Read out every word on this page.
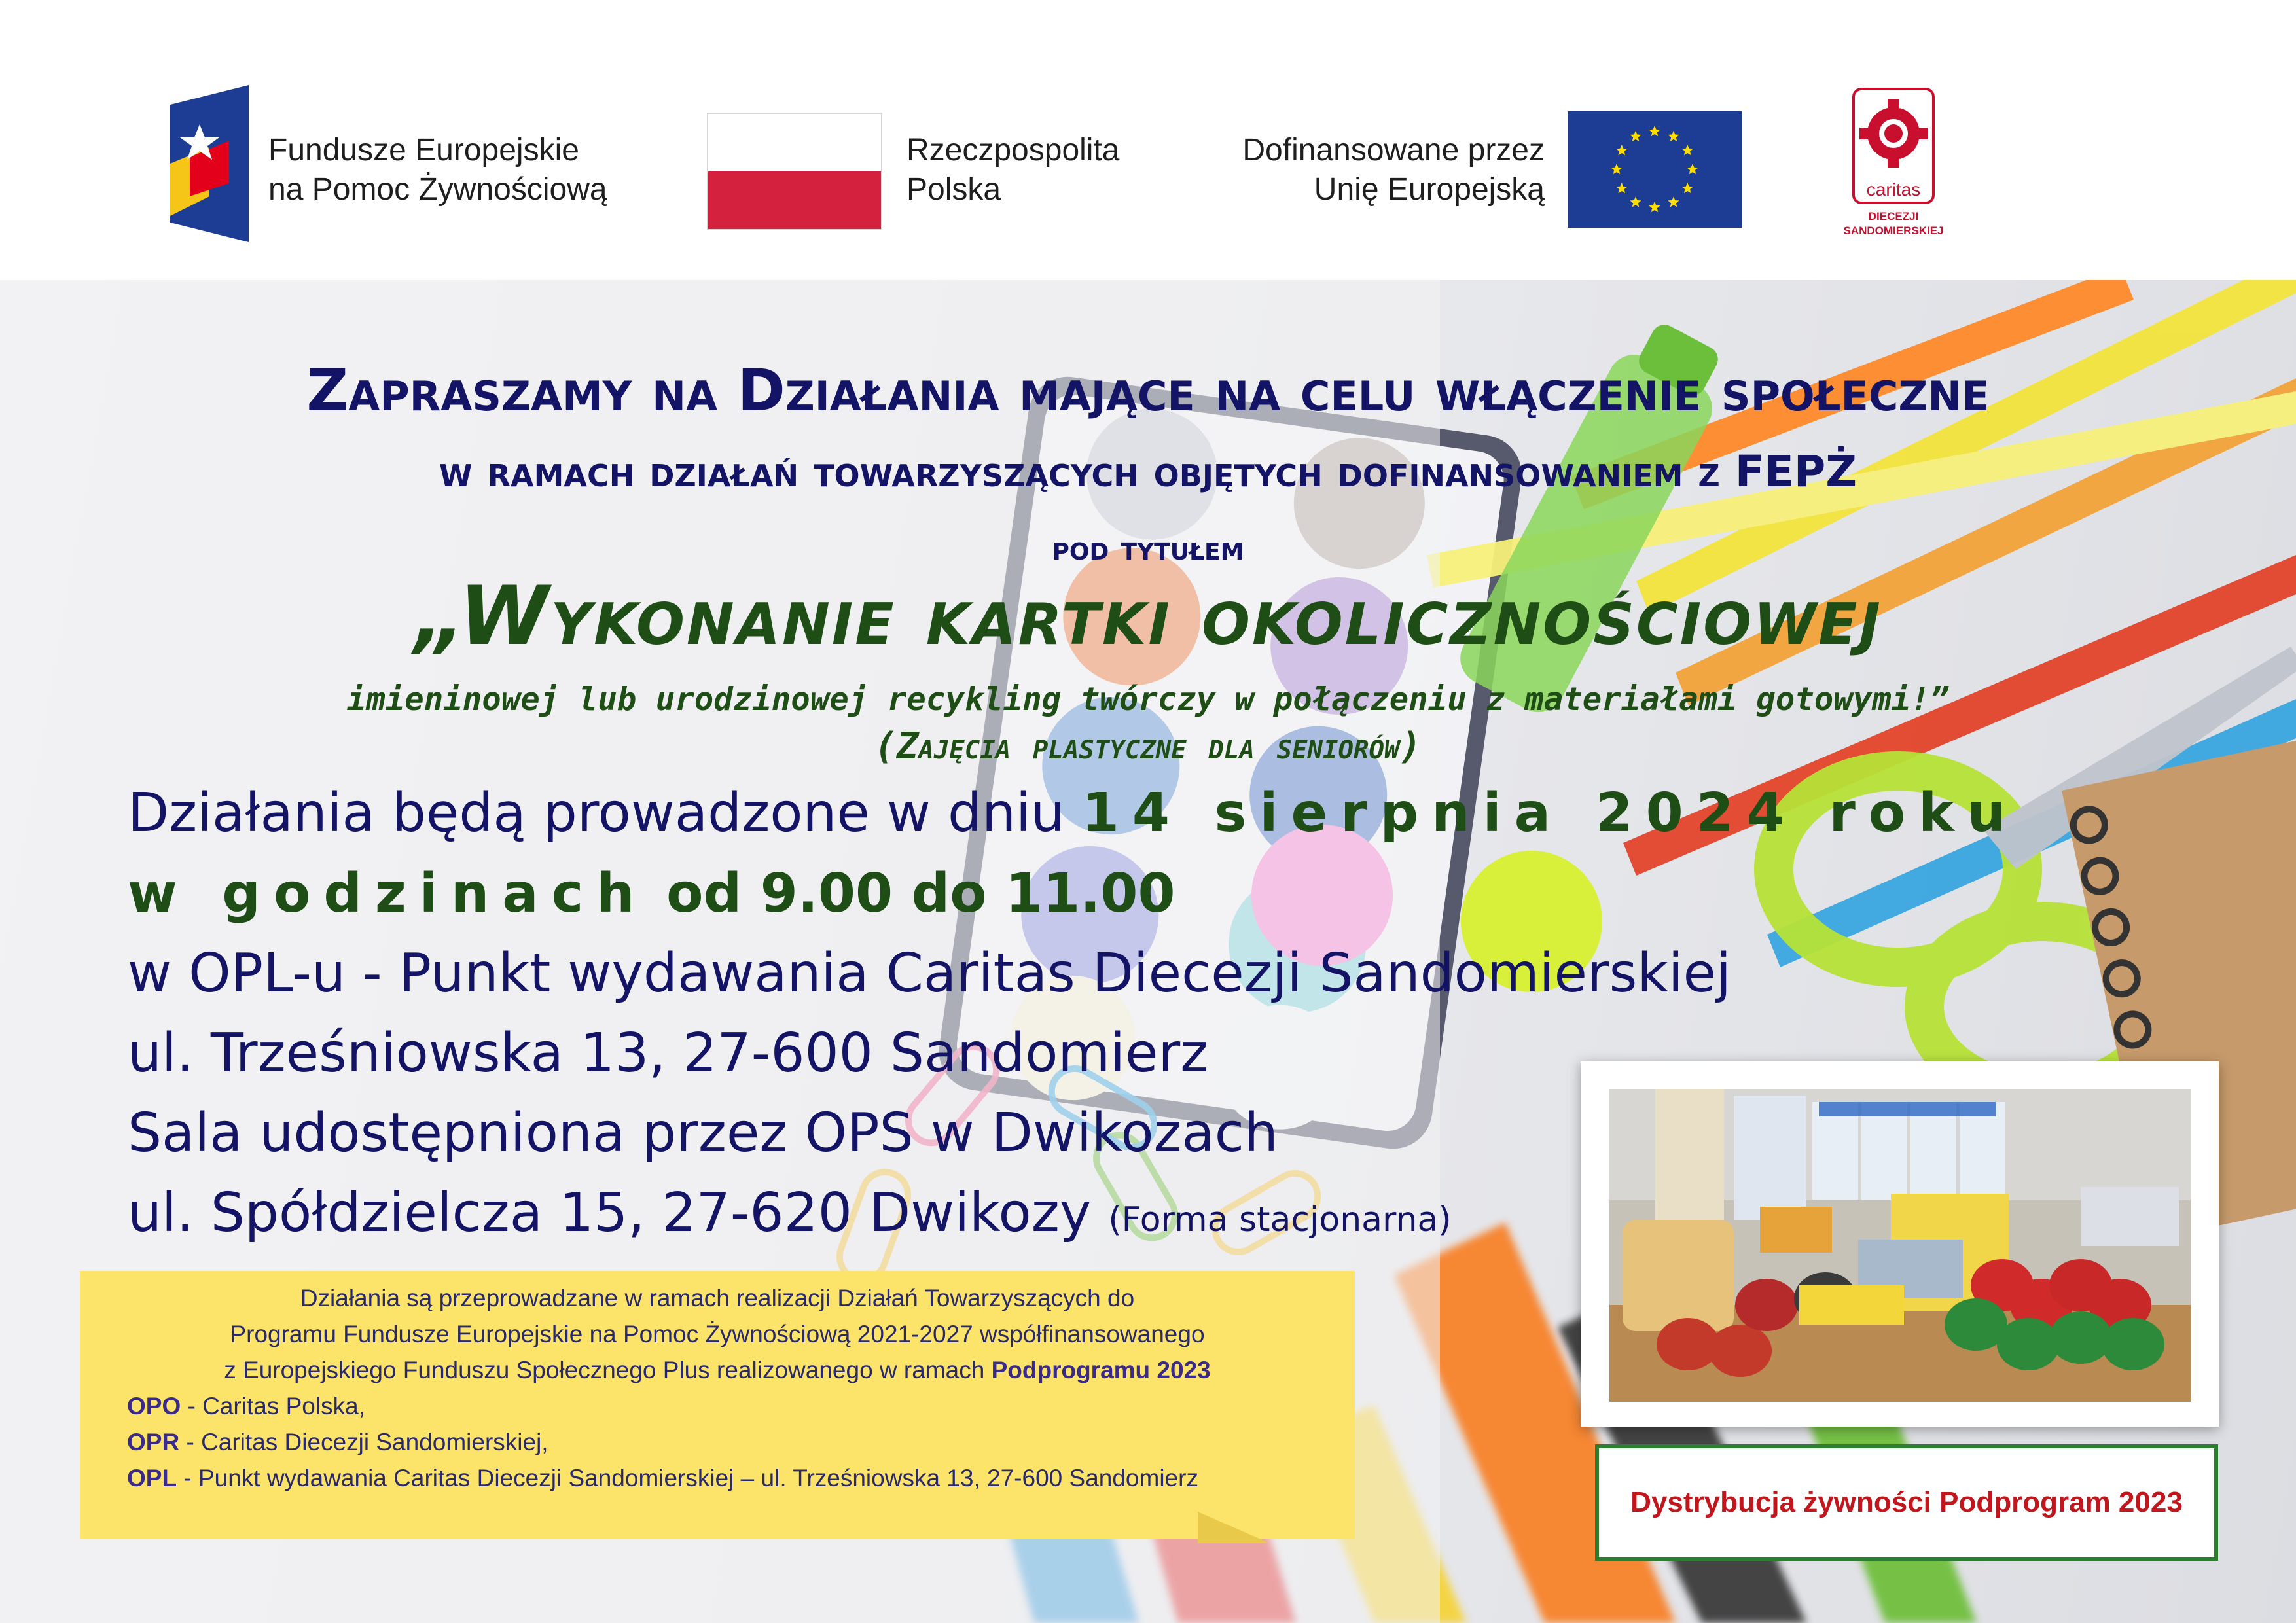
Fundusze Europejskie
na Pomoc Żywnościową
Rzeczpospolita
Polska
Dofinansowane przez
Unię Europejską	caritas
DIECEZJI
SANDOMIERSKIEJ
Zapraszamy na Działania mające na celu włączenie społeczne
w ramach działań towarzyszących objętych dofinansowaniem z FEPŻ
pod tytułem
„Wykonanie kartki okolicznościowej
imieninowej lub urodzinowej recykling twórczy w połączeniu z materiałami gotowymi!”
(Zajęcia plastyczne dla seniorów)
Działania będą prowadzone w dniu 14 sierpnia 2024 roku
w godzinach od 9.00 do 11.00
w OPL-u - Punkt wydawania Caritas Diecezji Sandomierskiej
ul. Trześniowska 13, 27-600 Sandomierz
Sala udostępniona przez OPS w Dwikozach
ul. Spółdzielcza 15, 27-620 Dwikozy (Forma stacjonarna)
Działania są przeprowadzane w ramach realizacji Działań Towarzyszących do
Programu Fundusze Europejskie na Pomoc Żywnościową 2021-2027 współfinansowanego
z Europejskiego Funduszu Społecznego Plus realizowanego w ramach Podprogramu 2023
OPO - Caritas Polska,
OPR - Caritas Diecezji Sandomierskiej,
OPL - Punkt wydawania Caritas Diecezji Sandomierskiej – ul. Trześniowska 13, 27-600 Sandomierz
Dystrybucja żywności Podprogram 2023
